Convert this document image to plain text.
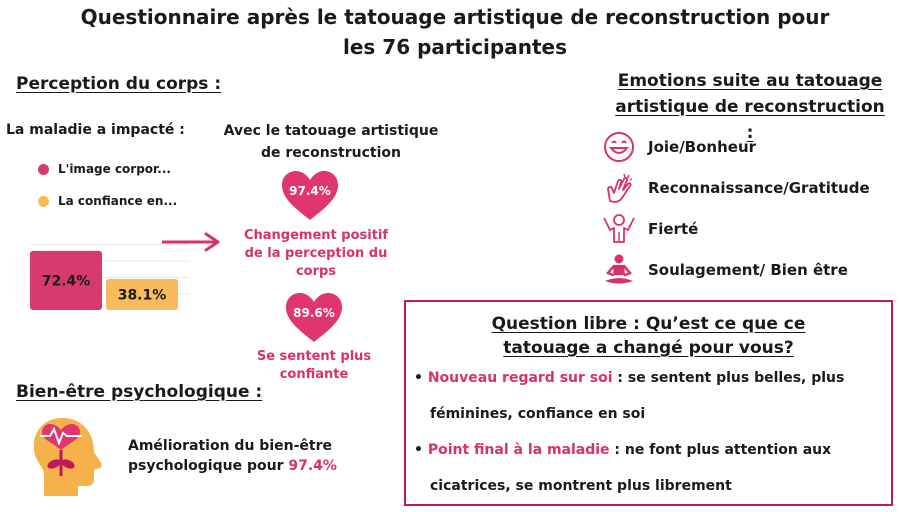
Questionnaire après le tatouage artistique de reconstruction pour
les 76 participantes
Perception du corps :
La maladie a impacté :
L'image corpor...
La confiance en...
72.4%
38.1%
Avec le tatouage artistique
de reconstruction
97.4%
Changement positif
de la perception du
corps
89.6%
Se sentent plus
confiante
Bien-être psychologique :
Amélioration du bien-être
psychologique pour 97.4%
Emotions suite au tatouage
artistique de reconstruction :
Joie/Bonheur
Reconnaissance/Gratitude
Fierté
Soulagement/ Bien être
Question libre : Qu’est ce que ce
tatouage a changé pour vous?
• Nouveau regard sur soi : se sentent plus belles, plus
féminines, confiance en soi
• Point final à la maladie : ne font plus attention aux
cicatrices, se montrent plus librement
